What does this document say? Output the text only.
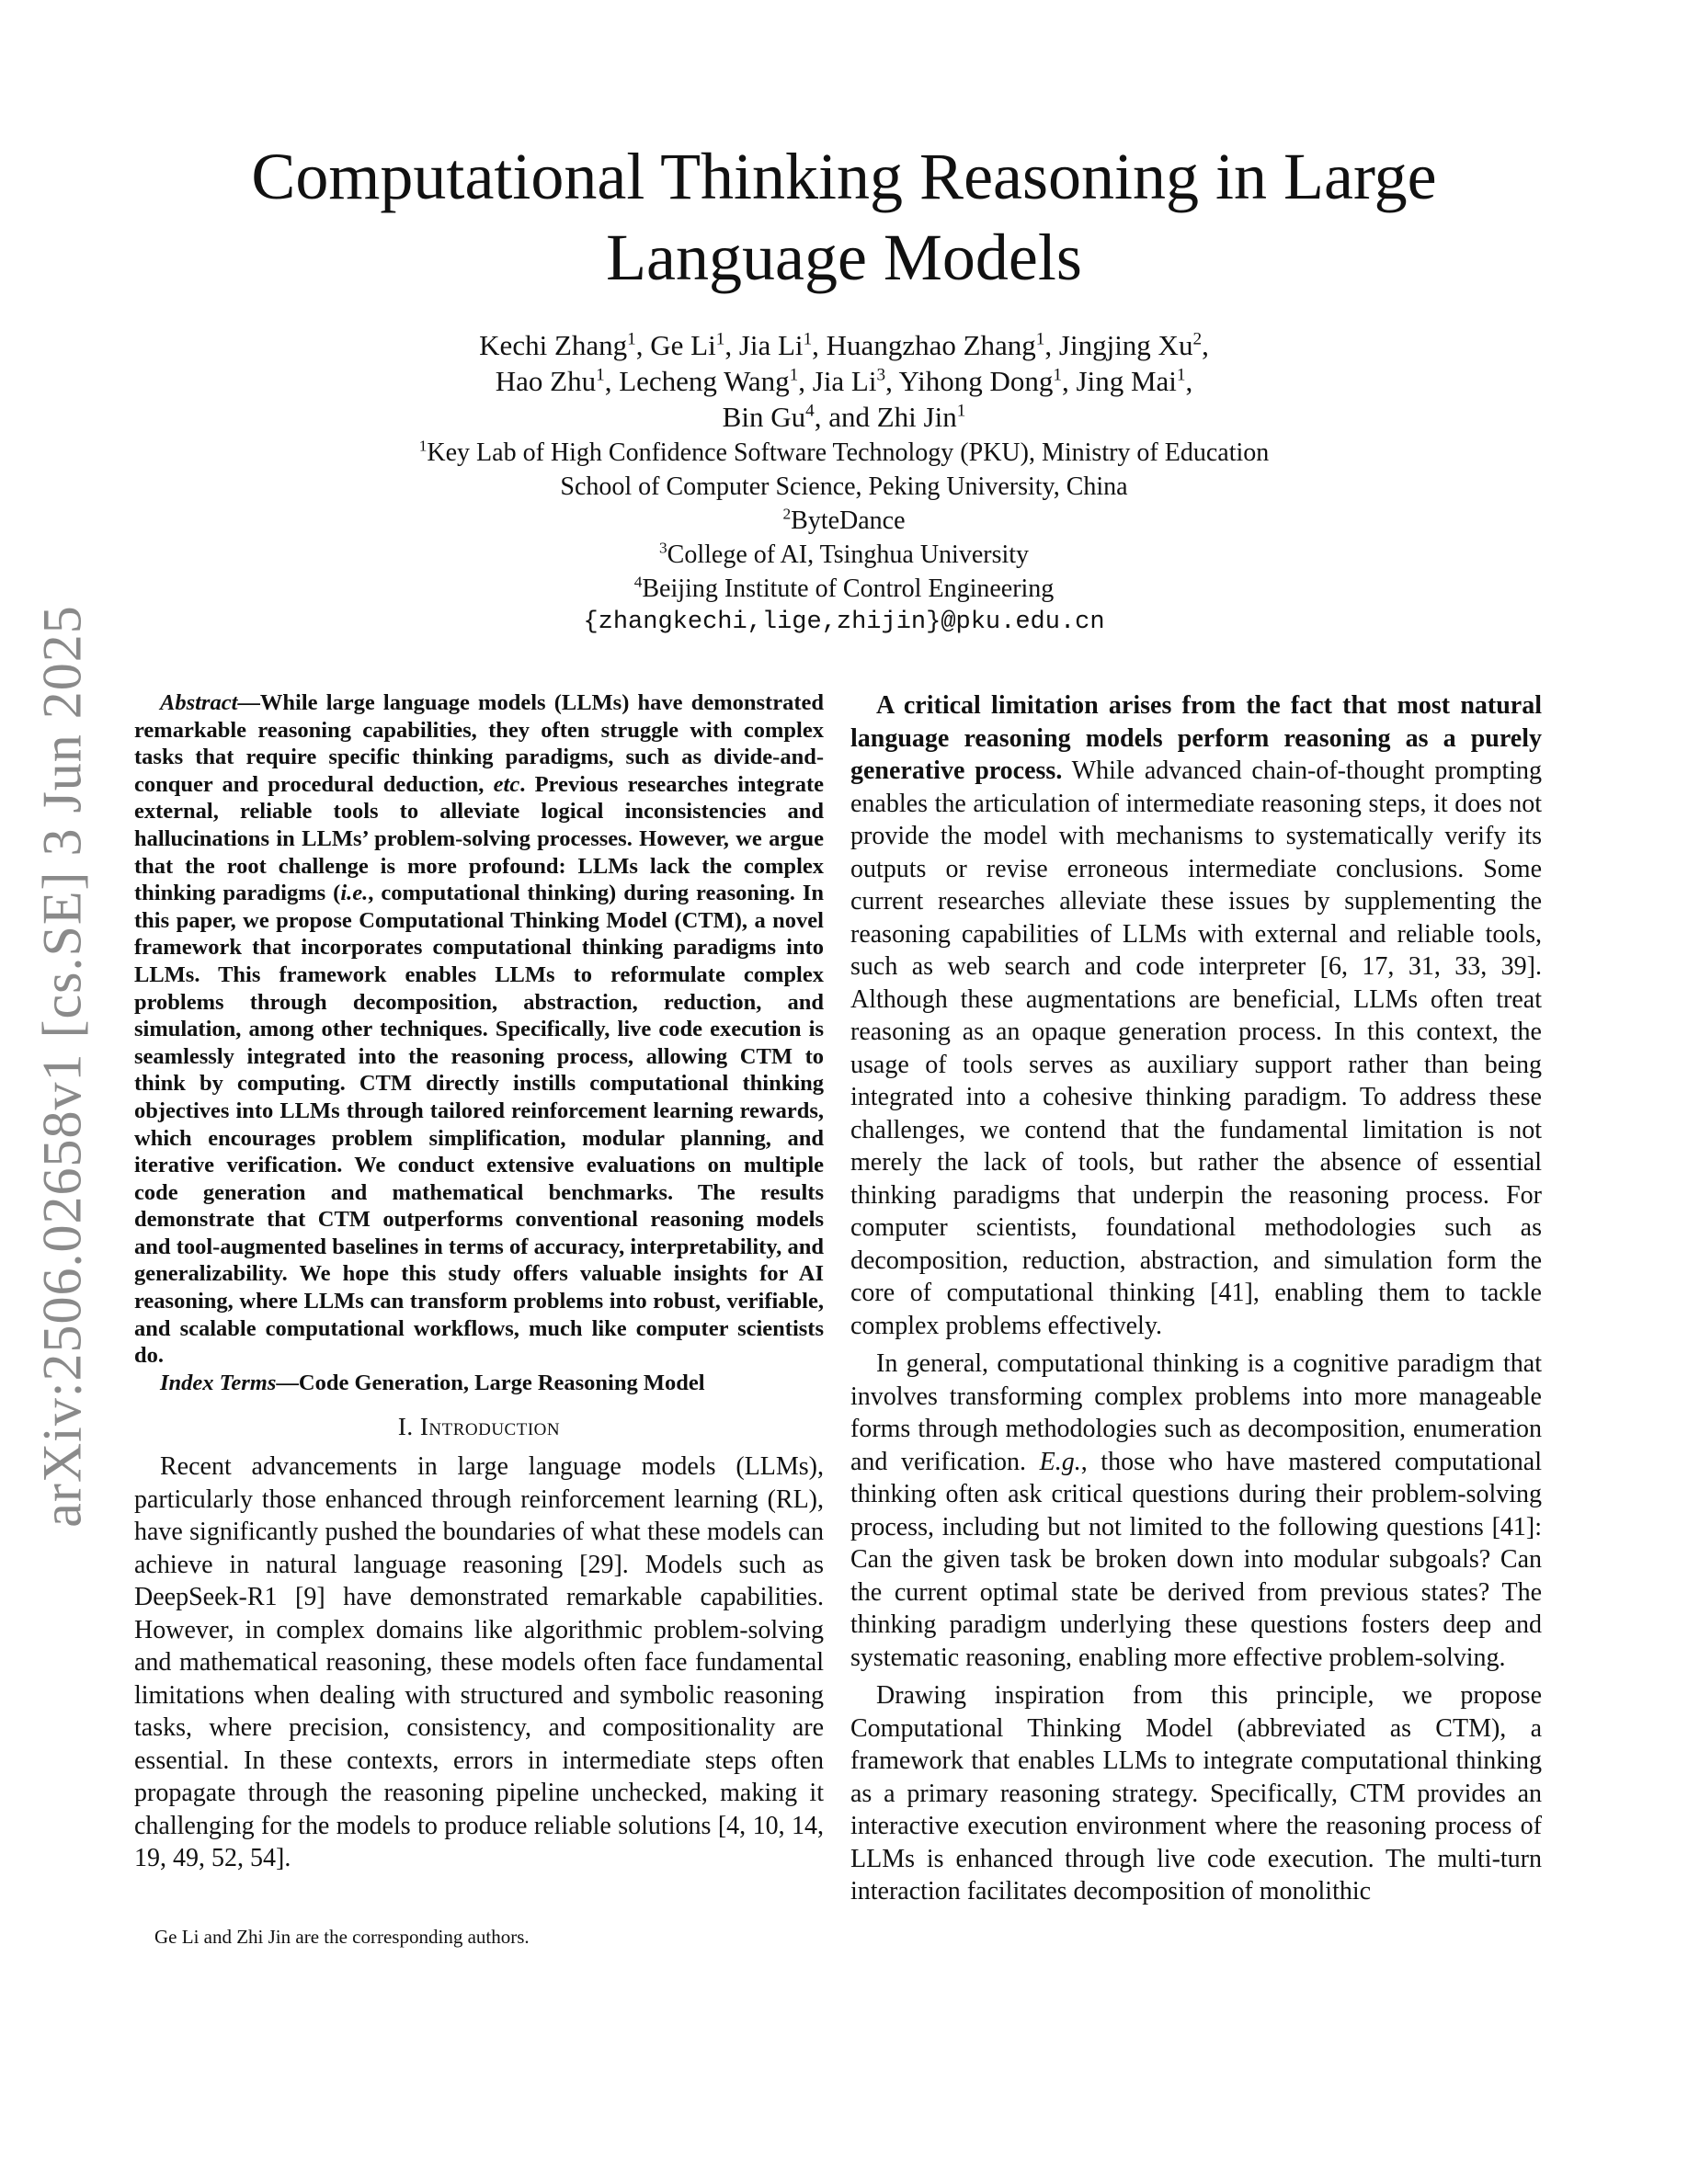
arXiv:2506.02658v1 [cs.SE] 3 Jun 2025
Computational Thinking Reasoning in Large
Language Models
Kechi Zhang$^1$, Ge Li$^1$, Jia Li$^1$, Huangzhao Zhang$^1$, Jingjing Xu$^2$,
Hao Zhu$^1$, Lecheng Wang$^1$, Jia Li$^3$, Yihong Dong$^1$, Jing Mai$^1$,
Bin Gu$^4$, and Zhi Jin$^1$
$^1$Key Lab of High Confidence Software Technology (PKU), Ministry of Education
School of Computer Science, Peking University, China
$^2$ByteDance
$^3$College of AI, Tsinghua University
$^4$Beijing Institute of Control Engineering
{zhangkechi,lige,zhijin}@pku.edu.cn

Abstract—While large language models (LLMs) have demonstrated remarkable reasoning capabilities, they often struggle with complex tasks that require specific thinking paradigms, such as divide-and-conquer and procedural deduction, etc. Previous researches integrate external, reliable tools to alleviate logical inconsistencies and hallucinations in LLMs’ problem-solving processes. However, we argue that the root challenge is more profound: LLMs lack the complex thinking paradigms (i.e., computational thinking) during reasoning. In this paper, we propose Computational Thinking Model (CTM), a novel framework that incorporates computational thinking paradigms into LLMs. This framework enables LLMs to reformulate complex problems through decomposition, abstraction, reduction, and simulation, among other techniques. Specifically, live code execution is seamlessly integrated into the reasoning process, allowing CTM to think by computing. CTM directly instills computational thinking objectives into LLMs through tailored reinforcement learning rewards, which encourages problem simplification, modular planning, and iterative verification. We conduct extensive evaluations on multiple code generation and mathematical benchmarks. The results demonstrate that CTM outperforms conventional reasoning models and tool-augmented baselines in terms of accuracy, interpretability, and generalizability. We hope this study offers valuable insights for AI reasoning, where LLMs can transform problems into robust, verifiable, and scalable computational workflows, much like computer scientists do.

Index Terms—Code Generation, Large Reasoning Model

I. Introduction

Recent advancements in large language models (LLMs), particularly those enhanced through reinforcement learning (RL), have significantly pushed the boundaries of what these models can achieve in natural language reasoning [29]. Models such as DeepSeek-R1 [9] have demonstrated remarkable capabilities. However, in complex domains like algorithmic problem-solving and mathematical reasoning, these models often face fundamental limitations when dealing with structured and symbolic reasoning tasks, where precision, consistency, and compositionality are essential. In these contexts, errors in intermediate steps often propagate through the reasoning pipeline unchecked, making it challenging for the models to produce reliable solutions [4, 10, 14, 19, 49, 52, 54].

Ge Li and Zhi Jin are the corresponding authors.

A critical limitation arises from the fact that most natural language reasoning models perform reasoning as a purely generative process. While advanced chain-of-thought prompting enables the articulation of intermediate reasoning steps, it does not provide the model with mechanisms to systematically verify its outputs or revise erroneous intermediate conclusions. Some current researches alleviate these issues by supplementing the reasoning capabilities of LLMs with external and reliable tools, such as web search and code interpreter [6, 17, 31, 33, 39]. Although these augmentations are beneficial, LLMs often treat reasoning as an opaque generation process. In this context, the usage of tools serves as auxiliary support rather than being integrated into a cohesive thinking paradigm. To address these challenges, we contend that the fundamental limitation is not merely the lack of tools, but rather the absence of essential thinking paradigms that underpin the reasoning process. For computer scientists, foundational methodologies such as decomposition, reduction, abstraction, and simulation form the core of computational thinking [41], enabling them to tackle complex problems effectively.

In general, computational thinking is a cognitive paradigm that involves transforming complex problems into more manageable forms through methodologies such as decomposition, enumeration and verification. E.g., those who have mastered computational thinking often ask critical questions during their problem-solving process, including but not limited to the following questions [41]: Can the given task be broken down into modular subgoals? Can the current optimal state be derived from previous states? The thinking paradigm underlying these questions fosters deep and systematic reasoning, enabling more effective problem-solving.

Drawing inspiration from this principle, we propose Computational Thinking Model (abbreviated as CTM), a framework that enables LLMs to integrate computational thinking as a primary reasoning strategy. Specifically, CTM provides an interactive execution environment where the reasoning process of LLMs is enhanced through live code execution. The multi-turn interaction facilitates decomposition of monolithic
